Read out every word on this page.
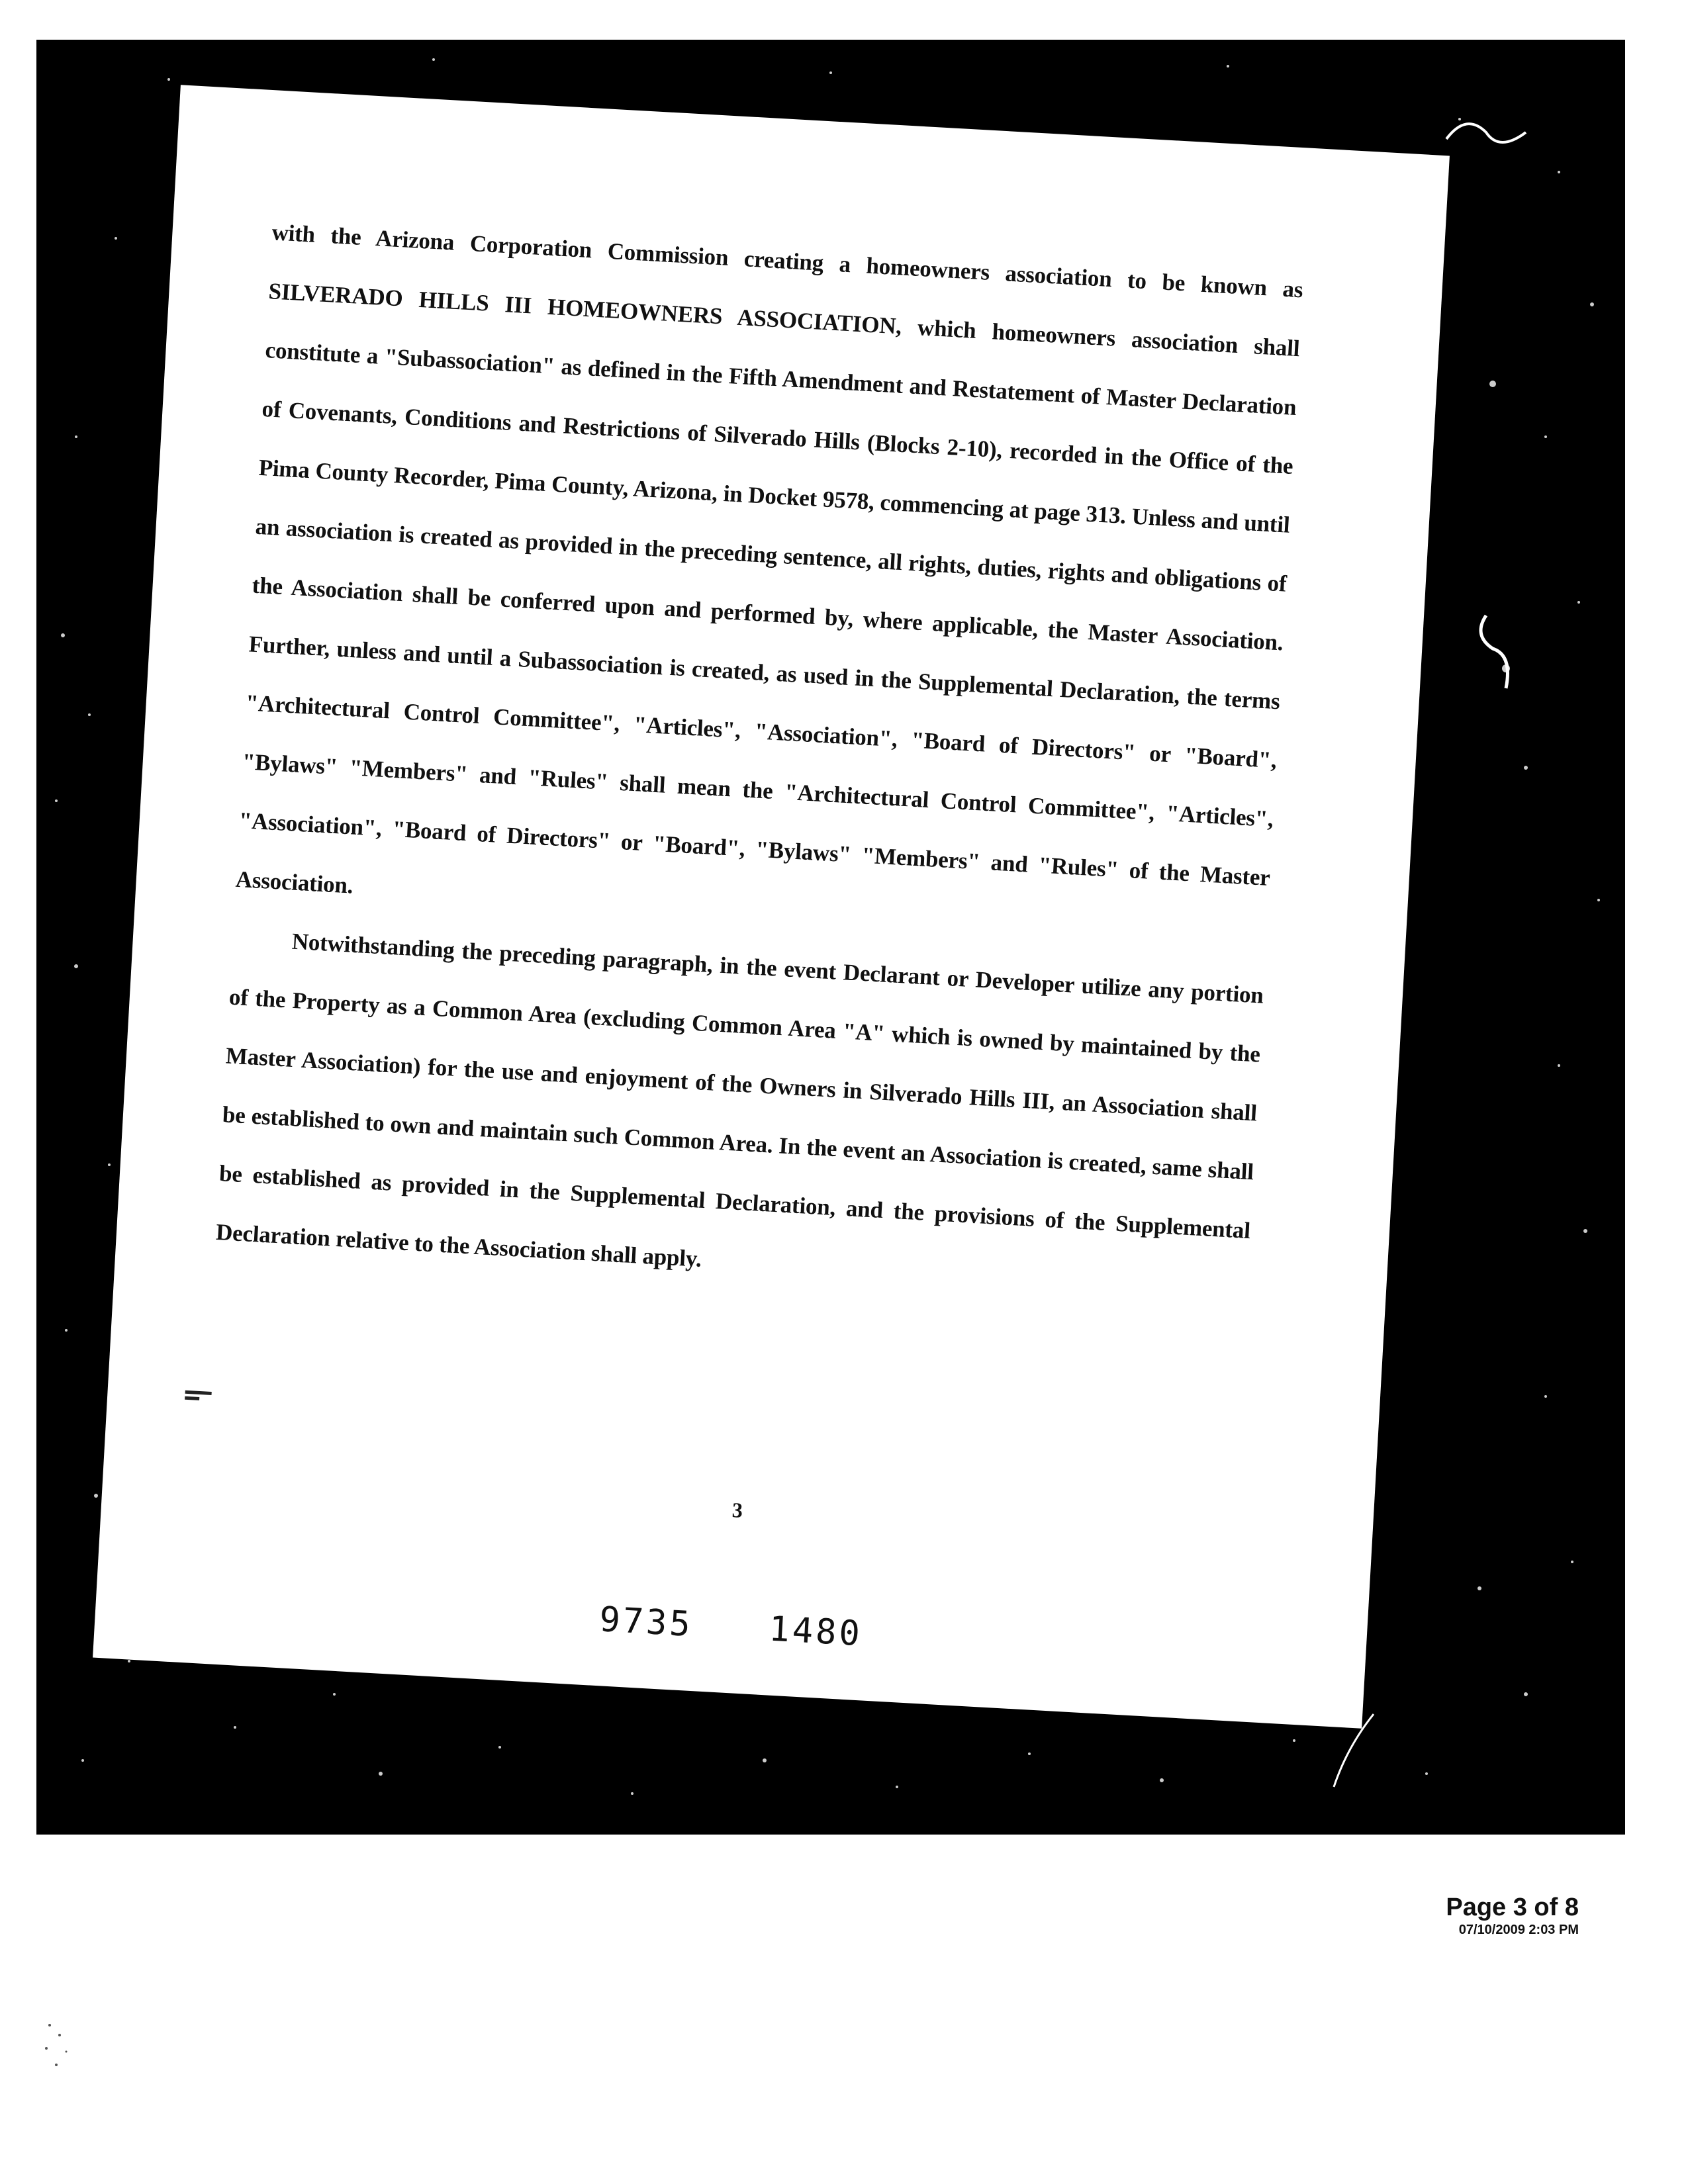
with the Arizona Corporation Commission creating a homeowners association to be known as SILVERADO HILLS III HOMEOWNERS ASSOCIATION, which homeowners association shall constitute a "Subassociation" as defined in the Fifth Amendment and Restatement of Master Declaration of Covenants, Conditions and Restrictions of Silverado Hills (Blocks 2-10), recorded in the Office of the Pima County Recorder, Pima County, Arizona, in Docket 9578, commencing at page 313. Unless and until an association is created as provided in the preceding sentence, all rights, duties, rights and obligations of the Association shall be conferred upon and performed by, where applicable, the Master Association. Further, unless and until a Subassociation is created, as used in the Supplemental Declaration, the terms "Architectural Control Committee", "Articles", "Association", "Board of Directors" or "Board", "Bylaws" "Members" and "Rules" shall mean the "Architectural Control Committee", "Articles", "Association", "Board of Directors" or "Board", "Bylaws" "Members" and "Rules" of the Master Association.

Notwithstanding the preceding paragraph, in the event Declarant or Developer utilize any portion of the Property as a Common Area (excluding Common Area "A" which is owned by maintained by the Master Association) for the use and enjoyment of the Owners in Silverado Hills III, an Association shall be established to own and maintain such Common Area. In the event an Association is created, same shall be established as provided in the Supplemental Declaration, and the provisions of the Supplemental Declaration relative to the Association shall apply.

3
9735 1480
Page 3 of 8
07/10/2009 2:03 PM
